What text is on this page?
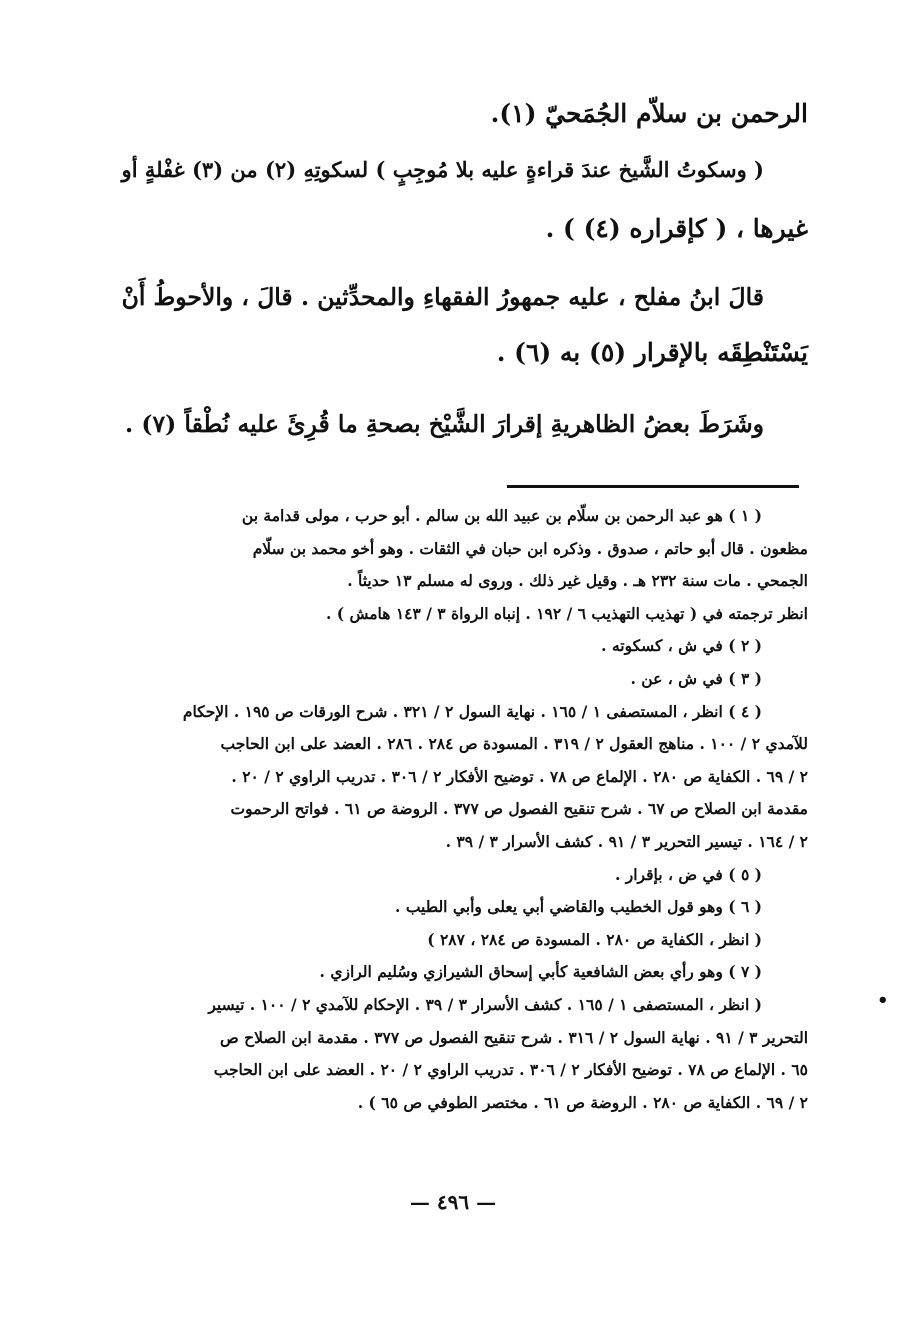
الرحمن بن سلاّم الجُمَحيّ (١).
( وسكوتُ الشَّيخ عندَ قراءةٍ عليه بلا مُوجِبٍ ) لسكوتِهِ (٢) من (٣) غفْلةٍ أو
غيرها ، ( كإقراره (٤) ) .
قالَ ابنُ مفلح ، عليه جمهورُ الفقهاءِ والمحدِّثين . قالَ ، والأحوطُ أَنْ
يَسْتَنْطِقَه بالإقرار (٥) به (٦) .
وشَرَطَ بعضُ الظاهريةِ إقرارَ الشَّيْخ بصحةِ ما قُرِئَ عليه نُطْقاً (٧) .
( ١ ) هو عبد الرحمن بن سلّام بن عبيد الله بن سالم . أبو حرب ، مولى قدامة بن
مظعون . قال أبو حاتم ، صدوق . وذكره ابن حبان في الثقات . وهو أخو محمد بن سلّام
الجمحي . مات سنة ٢٣٢ هـ . وقيل غير ذلك . وروى له مسلم ١٣ حديثاً .
انظر ترجمته في ( تهذيب التهذيب ٦ / ١٩٢ . إنباه الرواة ٣ / ١٤٣ هامش ) .
( ٢ ) في ش ، كسكوته .
( ٣ ) في ش ، عن .
( ٤ ) انظر ، المستصفى ١ / ١٦٥ . نهاية السول ٢ / ٣٢١ . شرح الورقات ص ١٩٥ . الإحكام
للآمدي ٢ / ١٠٠ . مناهج العقول ٢ / ٣١٩ . المسودة ص ٢٨٤ . ٢٨٦ . العضد على ابن الحاجب
٢ / ٦٩ . الكفاية ص ٢٨٠ . الإلماع ص ٧٨ . توضيح الأفكار ٢ / ٣٠٦ . تدريب الراوي ٢ / ٢٠ .
مقدمة ابن الصلاح ص ٦٧ . شرح تنقيح الفصول ص ٣٧٧ . الروضة ص ٦١ . فواتح الرحموت
٢ / ١٦٤ . تيسير التحرير ٣ / ٩١ . كشف الأسرار ٣ / ٣٩ .
( ٥ ) في ض ، بإقرار .
( ٦ ) وهو قول الخطيب والقاضي أبي يعلى وأبي الطيب .
( انظر ، الكفاية ص ٢٨٠ . المسودة ص ٢٨٤ ، ٢٨٧ )
( ٧ ) وهو رأي بعض الشافعية كأبي إسحاق الشيرازي وسُليم الرازي .
( انظر ، المستصفى ١ / ١٦٥ . كشف الأسرار ٣ / ٣٩ . الإحكام للآمدي ٢ / ١٠٠ . تيسير
التحرير ٣ / ٩١ . نهاية السول ٢ / ٣١٦ . شرح تنقيح الفصول ص ٣٧٧ . مقدمة ابن الصلاح ص
٦٥ . الإلماع ص ٧٨ . توضيح الأفكار ٢ / ٣٠٦ . تدريب الراوي ٢ / ٢٠ . العضد على ابن الحاجب
٢ / ٦٩ . الكفاية ص ٢٨٠ . الروضة ص ٦١ . مختصر الطوفي ص ٦٥ ) .
•
— ٤٩٦ —
